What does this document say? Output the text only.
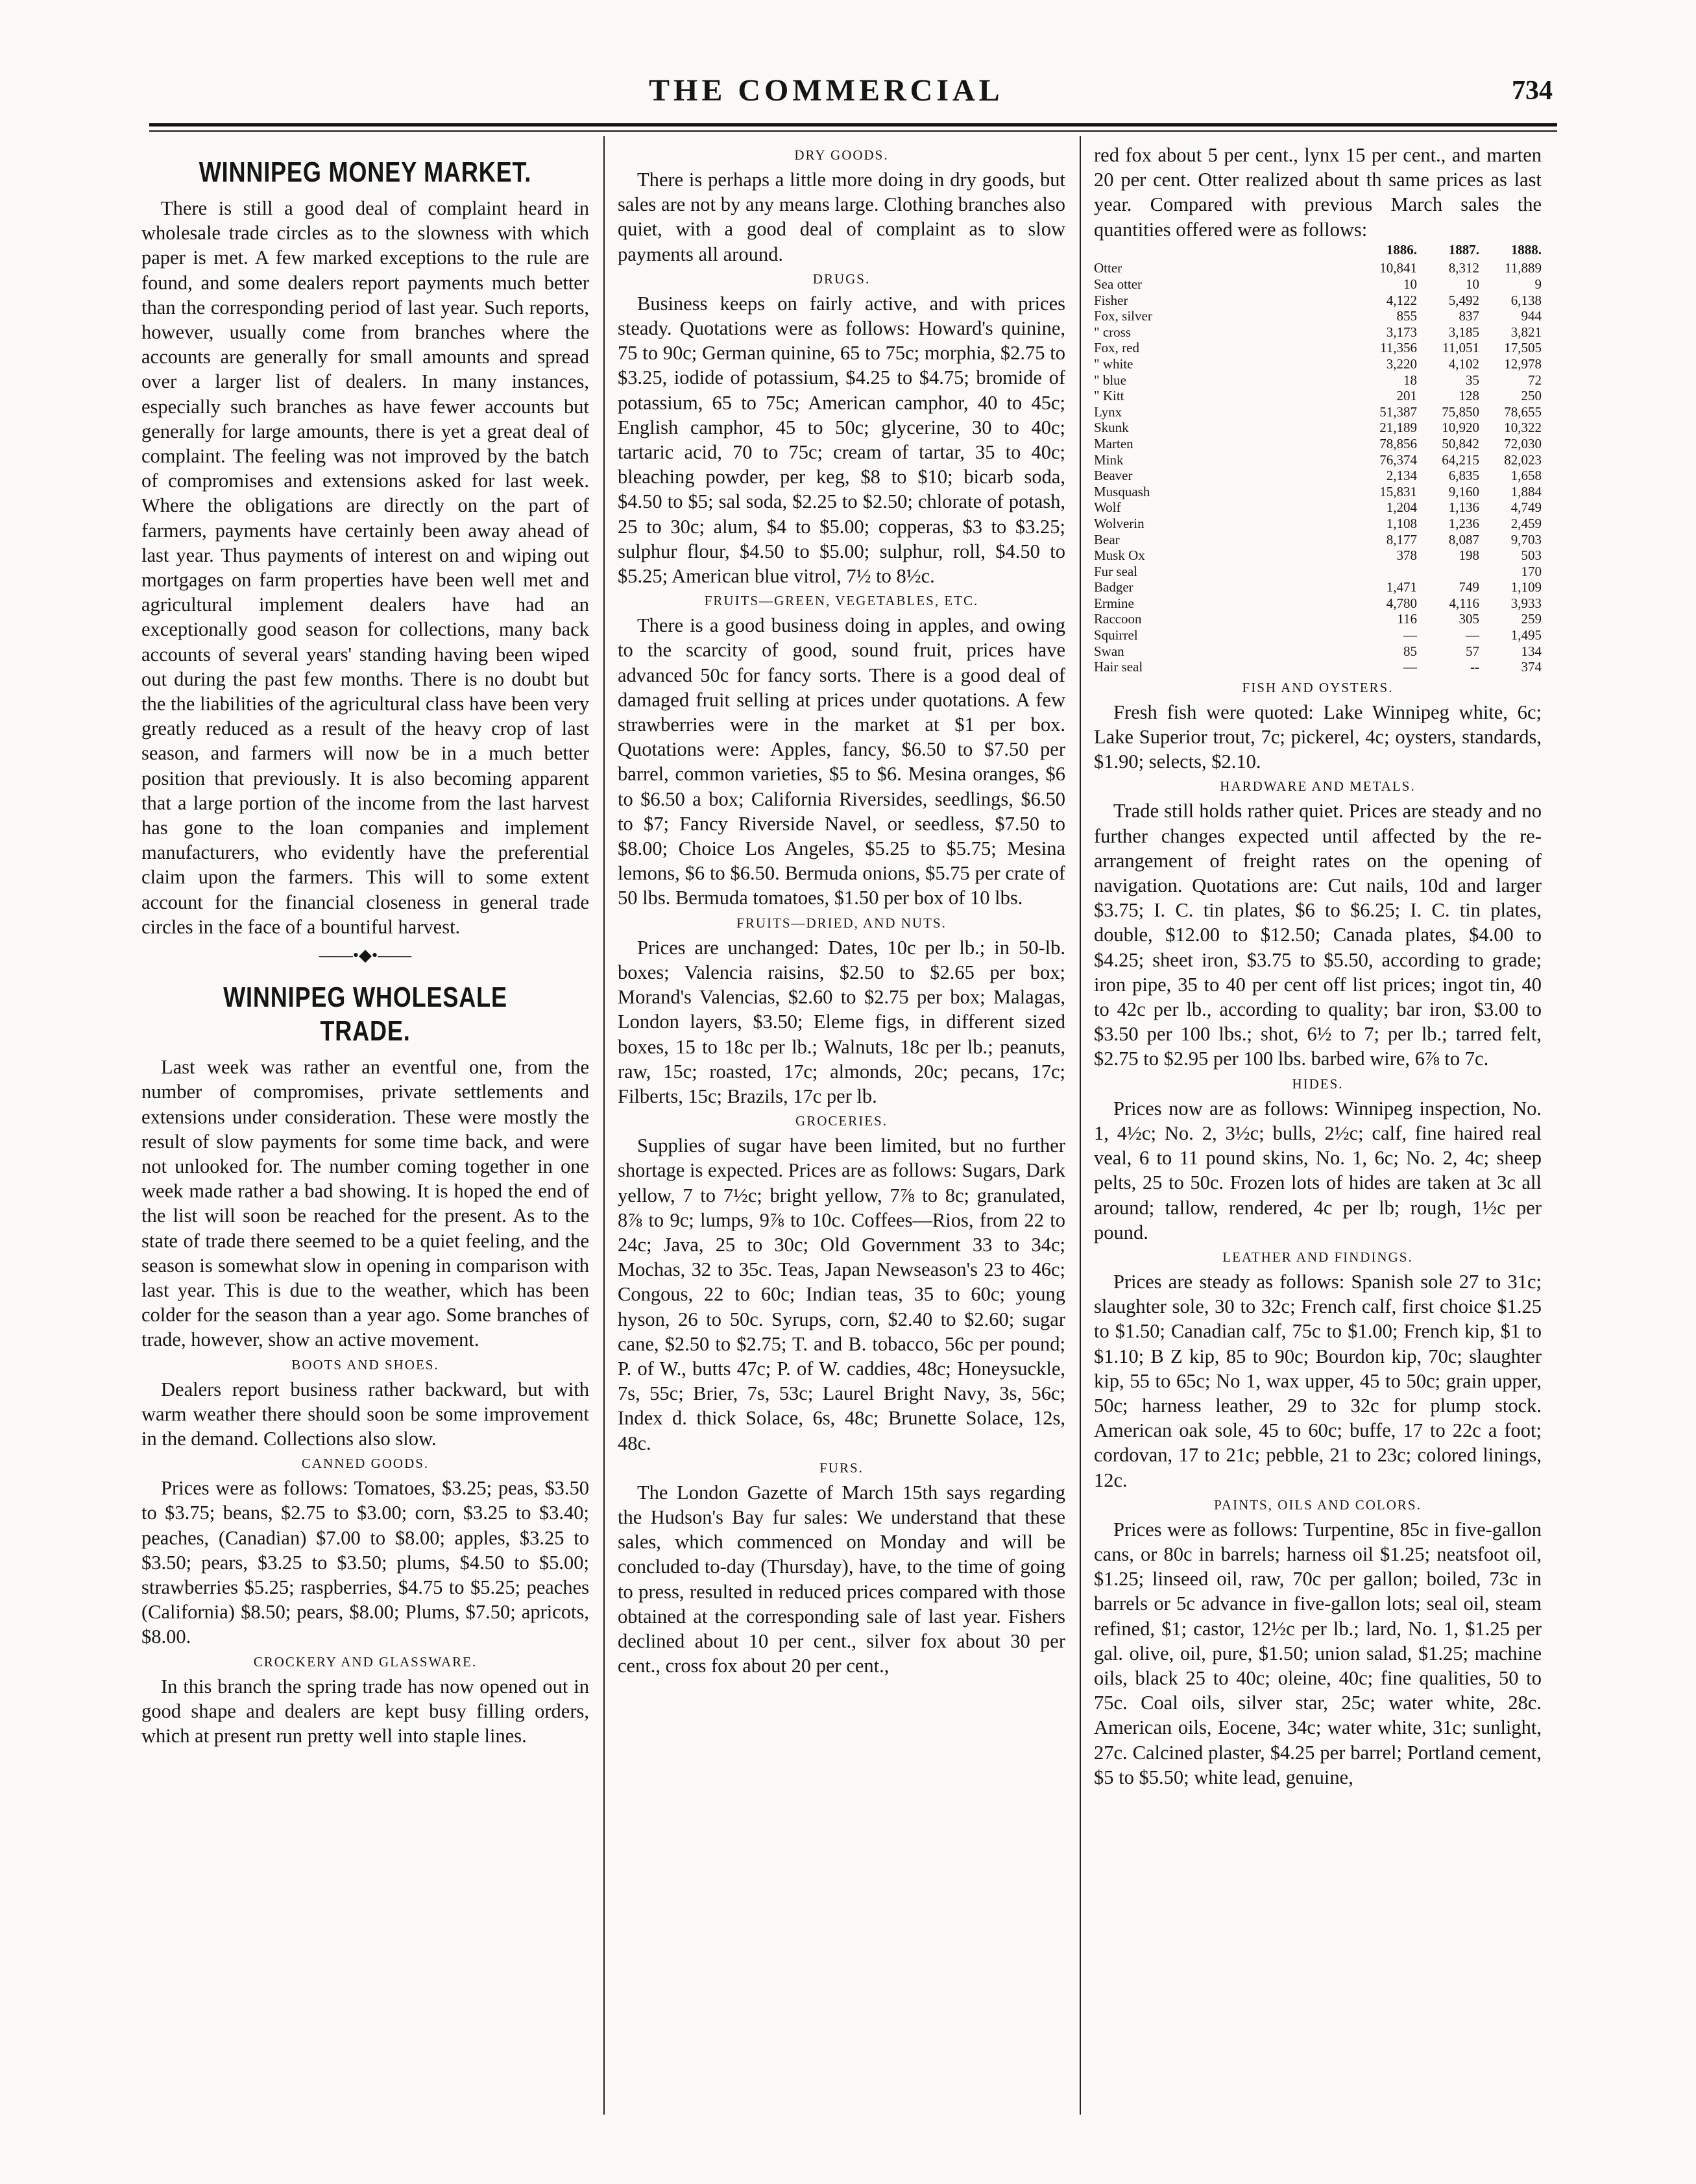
THE COMMERCIAL	734
WINNIPEG MONEY MARKET.

There is still a good deal of complaint heard in wholesale trade circles as to the slowness with which paper is met. A few marked exceptions to the rule are found, and some dealers report payments much better than the corresponding period of last year. Such reports, however, usually come from branches where the accounts are generally for small amounts and spread over a larger list of dealers. In many instances, especially such branches as have fewer accounts but generally for large amounts, there is yet a great deal of complaint. The feeling was not improved by the batch of compromises and extensions asked for last week. Where the obligations are directly on the part of farmers, payments have certainly been away ahead of last year. Thus payments of interest on and wiping out mortgages on farm properties have been well met and agricultural implement dealers have had an exceptionally good season for collections, many back accounts of several years' standing having been wiped out during the past few months. There is no doubt but the the liabilities of the agricultural class have been very greatly reduced as a result of the heavy crop of last season, and farmers will now be in a much better position that previously. It is also becoming apparent that a large portion of the income from the last harvest has gone to the loan companies and implement manufacturers, who evidently have the preferential claim upon the farmers. This will to some extent account for the financial closeness in general trade circles in the face of a bountiful harvest.

——•◆•——
WINNIPEG WHOLESALE TRADE.

Last week was rather an eventful one, from the number of compromises, private settlements and extensions under consideration. These were mostly the result of slow payments for some time back, and were not unlooked for. The number coming together in one week made rather a bad showing. It is hoped the end of the list will soon be reached for the present. As to the state of trade there seemed to be a quiet feeling, and the season is somewhat slow in opening in comparison with last year. This is due to the weather, which has been colder for the season than a year ago. Some branches of trade, however, show an active movement.

BOOTS AND SHOES.

Dealers report business rather backward, but with warm weather there should soon be some improvement in the demand. Collections also slow.

CANNED GOODS.

Prices were as follows: Tomatoes, $3.25; peas, $3.50 to $3.75; beans, $2.75 to $3.00; corn, $3.25 to $3.40; peaches, (Canadian) $7.00 to $8.00; apples, $3.25 to $3.50; pears, $3.25 to $3.50; plums, $4.50 to $5.00; strawberries $5.25; raspberries, $4.75 to $5.25; peaches (California) $8.50; pears, $8.00; Plums, $7.50; apricots, $8.00.

CROCKERY AND GLASSWARE.

In this branch the spring trade has now opened out in good shape and dealers are kept busy filling orders, which at present run pretty well into staple lines.

DRY GOODS.

There is perhaps a little more doing in dry goods, but sales are not by any means large. Clothing branches also quiet, with a good deal of complaint as to slow payments all around.

DRUGS.

Business keeps on fairly active, and with prices steady. Quotations were as follows: Howard's quinine, 75 to 90c; German quinine, 65 to 75c; morphia, $2.75 to $3.25, iodide of potassium, $4.25 to $4.75; bromide of potassium, 65 to 75c; American camphor, 40 to 45c; English camphor, 45 to 50c; glycerine, 30 to 40c; tartaric acid, 70 to 75c; cream of tartar, 35 to 40c; bleaching powder, per keg, $8 to $10; bicarb soda, $4.50 to $5; sal soda, $2.25 to $2.50; chlorate of potash, 25 to 30c; alum, $4 to $5.00; copperas, $3 to $3.25; sulphur flour, $4.50 to $5.00; sulphur, roll, $4.50 to $5.25; American blue vitrol, 7½ to 8½c.

FRUITS—GREEN, VEGETABLES, ETC.

There is a good business doing in apples, and owing to the scarcity of good, sound fruit, prices have advanced 50c for fancy sorts. There is a good deal of damaged fruit selling at prices under quotations. A few strawberries were in the market at $1 per box. Quotations were: Apples, fancy, $6.50 to $7.50 per barrel, common varieties, $5 to $6. Mesina oranges, $6 to $6.50 a box; California Riversides, seedlings, $6.50 to $7; Fancy Riverside Navel, or seedless, $7.50 to $8.00; Choice Los Angeles, $5.25 to $5.75; Mesina lemons, $6 to $6.50. Bermuda onions, $5.75 per crate of 50 lbs. Bermuda tomatoes, $1.50 per box of 10 lbs.

FRUITS—DRIED, AND NUTS.

Prices are unchanged: Dates, 10c per lb.; in 50-lb. boxes; Valencia raisins, $2.50 to $2.65 per box; Morand's Valencias, $2.60 to $2.75 per box; Malagas, London layers, $3.50; Eleme figs, in different sized boxes, 15 to 18c per lb.; Walnuts, 18c per lb.; peanuts, raw, 15c; roasted, 17c; almonds, 20c; pecans, 17c; Filberts, 15c; Brazils, 17c per lb.

GROCERIES.

Supplies of sugar have been limited, but no further shortage is expected. Prices are as follows: Sugars, Dark yellow, 7 to 7½c; bright yellow, 7⅞ to 8c; granulated, 8⅞ to 9c; lumps, 9⅞ to 10c. Coffees—Rios, from 22 to 24c; Java, 25 to 30c; Old Government 33 to 34c; Mochas, 32 to 35c. Teas, Japan Newseason's 23 to 46c; Congous, 22 to 60c; Indian teas, 35 to 60c; young hyson, 26 to 50c. Syrups, corn, $2.40 to $2.60; sugar cane, $2.50 to $2.75; T. and B. tobacco, 56c per pound; P. of W., butts 47c; P. of W. caddies, 48c; Honeysuckle, 7s, 55c; Brier, 7s, 53c; Laurel Bright Navy, 3s, 56c; Index d. thick Solace, 6s, 48c; Brunette Solace, 12s, 48c.

FURS.

The London Gazette of March 15th says regarding the Hudson's Bay fur sales: We understand that these sales, which commenced on Monday and will be concluded to-day (Thursday), have, to the time of going to press, resulted in reduced prices compared with those obtained at the corresponding sale of last year. Fishers declined about 10 per cent., silver fox about 30 per cent., cross fox about 20 per cent.,

red fox about 5 per cent., lynx 15 per cent., and marten 20 per cent. Otter realized about th same prices as last year. Compared with previous March sales the quantities offered were as follows:

	1886.	1887.	1888.
Otter	10,841	8,312	11,889
Sea otter	10	10	9
Fisher	4,122	5,492	6,138
Fox, silver	855	837	944
" cross	3,173	3,185	3,821
Fox, red	11,356	11,051	17,505
" white	3,220	4,102	12,978
" blue	18	35	72
" Kitt	201	128	250
Lynx	51,387	75,850	78,655
Skunk	21,189	10,920	10,322
Marten	78,856	50,842	72,030
Mink	76,374	64,215	82,023
Beaver	2,134	6,835	1,658
Musquash	15,831	9,160	1,884
Wolf	1,204	1,136	4,749
Wolverin	1,108	1,236	2,459
Bear	8,177	8,087	9,703
Musk Ox	378	198	503
Fur seal			170
Badger	1,471	749	1,109
Ermine	4,780	4,116	3,933
Raccoon	116	305	259
Squirrel	—	—	1,495
Swan	85	57	134
Hair seal	—	--	374
FISH AND OYSTERS.

Fresh fish were quoted: Lake Winnipeg white, 6c; Lake Superior trout, 7c; pickerel, 4c; oysters, standards, $1.90; selects, $2.10.

HARDWARE AND METALS.

Trade still holds rather quiet. Prices are steady and no further changes expected until affected by the re-arrangement of freight rates on the opening of navigation. Quotations are: Cut nails, 10d and larger $3.75; I. C. tin plates, $6 to $6.25; I. C. tin plates, double, $12.00 to $12.50; Canada plates, $4.00 to $4.25; sheet iron, $3.75 to $5.50, according to grade; iron pipe, 35 to 40 per cent off list prices; ingot tin, 40 to 42c per lb., according to quality; bar iron, $3.00 to $3.50 per 100 lbs.; shot, 6½ to 7; per lb.; tarred felt, $2.75 to $2.95 per 100 lbs. barbed wire, 6⅞ to 7c.

HIDES.

Prices now are as follows: Winnipeg inspection, No. 1, 4½c; No. 2, 3½c; bulls, 2½c; calf, fine haired real veal, 6 to 11 pound skins, No. 1, 6c; No. 2, 4c; sheep pelts, 25 to 50c. Frozen lots of hides are taken at 3c all around; tallow, rendered, 4c per lb; rough, 1½c per pound.

LEATHER AND FINDINGS.

Prices are steady as follows: Spanish sole 27 to 31c; slaughter sole, 30 to 32c; French calf, first choice $1.25 to $1.50; Canadian calf, 75c to $1.00; French kip, $1 to $1.10; B Z kip, 85 to 90c; Bourdon kip, 70c; slaughter kip, 55 to 65c; No 1, wax upper, 45 to 50c; grain upper, 50c; harness leather, 29 to 32c for plump stock. American oak sole, 45 to 60c; buffe, 17 to 22c a foot; cordovan, 17 to 21c; pebble, 21 to 23c; colored linings, 12c.

PAINTS, OILS AND COLORS.

Prices were as follows: Turpentine, 85c in five-gallon cans, or 80c in barrels; harness oil $1.25; neatsfoot oil, $1.25; linseed oil, raw, 70c per gallon; boiled, 73c in barrels or 5c advance in five-gallon lots; seal oil, steam refined, $1; castor, 12½c per lb.; lard, No. 1, $1.25 per gal. olive, oil, pure, $1.50; union salad, $1.25; machine oils, black 25 to 40c; oleine, 40c; fine qualities, 50 to 75c. Coal oils, silver star, 25c; water white, 28c. American oils, Eocene, 34c; water white, 31c; sunlight, 27c. Calcined plaster, $4.25 per barrel; Portland cement, $5 to $5.50; white lead, genuine,
